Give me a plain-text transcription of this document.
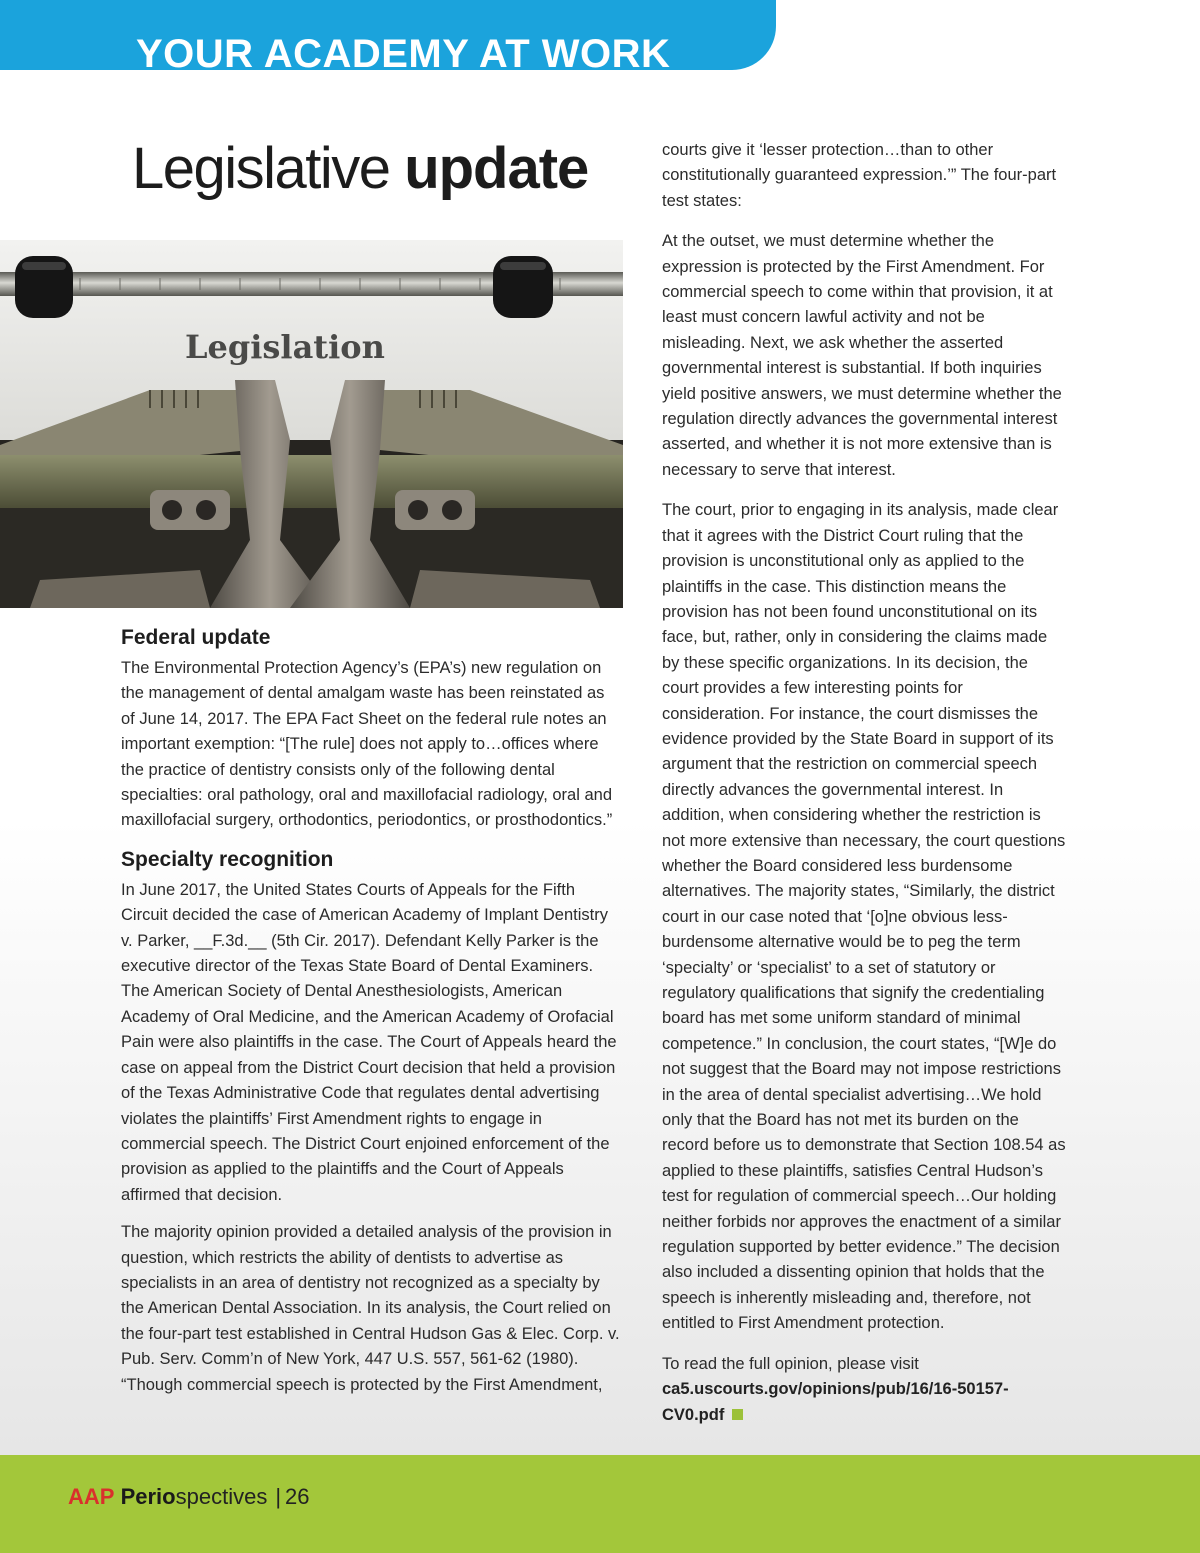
YOUR ACADEMY AT WORK
Legislative update
Legislation
Federal update

The Environmental Protection Agency’s (EPA’s) new regulation on the management of dental amalgam waste has been reinstated as of June 14, 2017. The EPA Fact Sheet on the federal rule notes an important exemption: “[The rule] does not apply to…offices where the practice of dentistry consists only of the following dental specialties: oral pathology, oral and maxillofacial radiology, oral and maxillofacial surgery, orthodontics, periodontics, or prosthodontics.”

Specialty recognition

In June 2017, the United States Courts of Appeals for the Fifth Circuit decided the case of American Academy of Implant Dentistry v. Parker, __F.3d.__ (5th Cir. 2017). Defendant Kelly Parker is the executive director of the Texas State Board of Dental Examiners. The American Society of Dental Anesthesiologists, American Academy of Oral Medicine, and the American Academy of Orofacial Pain were also plaintiffs in the case. The Court of Appeals heard the case on appeal from the District Court decision that held a provision of the Texas Administrative Code that regulates dental advertising violates the plaintiffs’ First Amendment rights to engage in commercial speech. The District Court enjoined enforcement of the provision as applied to the plaintiffs and the Court of Appeals affirmed that decision.

The majority opinion provided a detailed analysis of the provision in question, which restricts the ability of dentists to advertise as specialists in an area of dentistry not recognized as a specialty by the American Dental Association. In its analysis, the Court relied on the four-part test established in Central Hudson Gas & Elec. Corp. v. Pub. Serv. Comm’n of New York, 447 U.S. 557, 561-62 (1980). “Though commercial speech is protected by the First Amendment,

courts give it ‘lesser protection…than to other constitutionally guaranteed expression.’” The four-part test states:

At the outset, we must determine whether the expression is protected by the First Amendment. For commercial speech to come within that provision, it at least must concern lawful activity and not be misleading. Next, we ask whether the asserted governmental interest is substantial. If both inquiries yield positive answers, we must determine whether the regulation directly advances the governmental interest asserted, and whether it is not more extensive than is necessary to serve that interest.

The court, prior to engaging in its analysis, made clear that it agrees with the District Court ruling that the provision is unconstitutional only as applied to the plaintiffs in the case. This distinction means the provision has not been found unconstitutional on its face, but, rather, only in considering the claims made by these specific organizations. In its decision, the court provides a few interesting points for consideration. For instance, the court dismisses the evidence provided by the State Board in support of its argument that the restriction on commercial speech directly advances the governmental interest. In addition, when considering whether the restriction is not more extensive than necessary, the court questions whether the Board considered less burdensome alternatives. The majority states, “Similarly, the district court in our case noted that ‘[o]ne obvious less-burdensome alternative would be to peg the term ‘specialty’ or ‘specialist’ to a set of statutory or regulatory qualifications that signify the credentialing board has met some uniform standard of minimal competence.” In conclusion, the court states, “[W]e do not suggest that the Board may not impose restrictions in the area of dental specialist advertising…We hold only that the Board has not met its burden on the record before us to demonstrate that Section 108.54 as applied to these plaintiffs, satisfies Central Hudson’s test for regulation of commercial speech…Our holding neither forbids nor approves the enactment of a similar regulation supported by better evidence.” The decision also included a dissenting opinion that holds that the speech is inherently misleading and, therefore, not entitled to First Amendment protection.

To read the full opinion, please visit ca5.uscourts.gov/opinions/pub/16/16-50157-CV0.pdf

AAP Periospectives | 26
